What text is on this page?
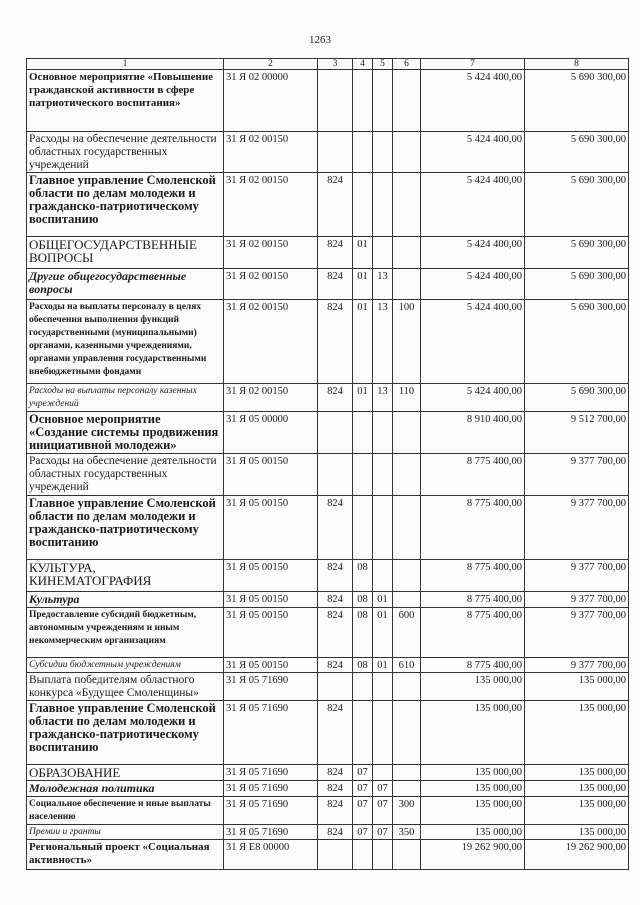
1263
1	2	3	4	5	6	7	8
Основное мероприятие «Повышение гражданской активности в сфере патриотического воспитания»	31 Я 02 00000					5 424 400,00	5 690 300,00
Расходы на обеспечение деятельности областных государственных учреждений	31 Я 02 00150					5 424 400,00	5 690 300,00
Главное управление Смоленской области по делам молодежи и гражданско-патриотическому воспитанию	31 Я 02 00150	824				5 424 400,00	5 690 300,00
ОБЩЕГОСУДАРСТВЕННЫЕ ВОПРОСЫ	31 Я 02 00150	824	01			5 424 400,00	5 690 300,00
Другие общегосударственные вопросы	31 Я 02 00150	824	01	13		5 424 400,00	5 690 300,00
Расходы на выплаты персоналу в целях обеспечения выполнения функций государственными (муниципальными) органами, казенными учреждениями, органами управления государственными внебюджетными фондами	31 Я 02 00150	824	01	13	100	5 424 400,00	5 690 300,00
Расходы на выплаты персоналу казенных учреждений	31 Я 02 00150	824	01	13	110	5 424 400,00	5 690 300,00
Основное мероприятие «Создание системы продвижения инициативной молодежи»	31 Я 05 00000					8 910 400,00	9 512 700,00
Расходы на обеспечение деятельности областных государственных учреждений	31 Я 05 00150					8 775 400,00	9 377 700,00
Главное управление Смоленской области по делам молодежи и гражданско-патриотическому воспитанию	31 Я 05 00150	824				8 775 400,00	9 377 700,00
КУЛЬТУРА, КИНЕМАТОГРАФИЯ	31 Я 05 00150	824	08			8 775 400,00	9 377 700,00
Культура	31 Я 05 00150	824	08	01		8 775 400,00	9 377 700,00
Предоставление субсидий бюджетным, автономным учреждениям и иным некоммерческим организациям	31 Я 05 00150	824	08	01	600	8 775 400,00	9 377 700,00
Субсидии бюджетным учреждениям	31 Я 05 00150	824	08	01	610	8 775 400,00	9 377 700,00
Выплата победителям областного конкурса «Будущее Смоленщины»	31 Я 05 71690					135 000,00	135 000,00
Главное управление Смоленской области по делам молодежи и гражданско-патриотическому воспитанию	31 Я 05 71690	824				135 000,00	135 000,00
ОБРАЗОВАНИЕ	31 Я 05 71690	824	07			135 000,00	135 000,00
Молодежная политика	31 Я 05 71690	824	07	07		135 000,00	135 000,00
Социальное обеспечение и иные выплаты населению	31 Я 05 71690	824	07	07	300	135 000,00	135 000,00
Премии и гранты	31 Я 05 71690	824	07	07	350	135 000,00	135 000,00
Региональный проект «Социальная активность»	31 Я E8 00000					19 262 900,00	19 262 900,00
